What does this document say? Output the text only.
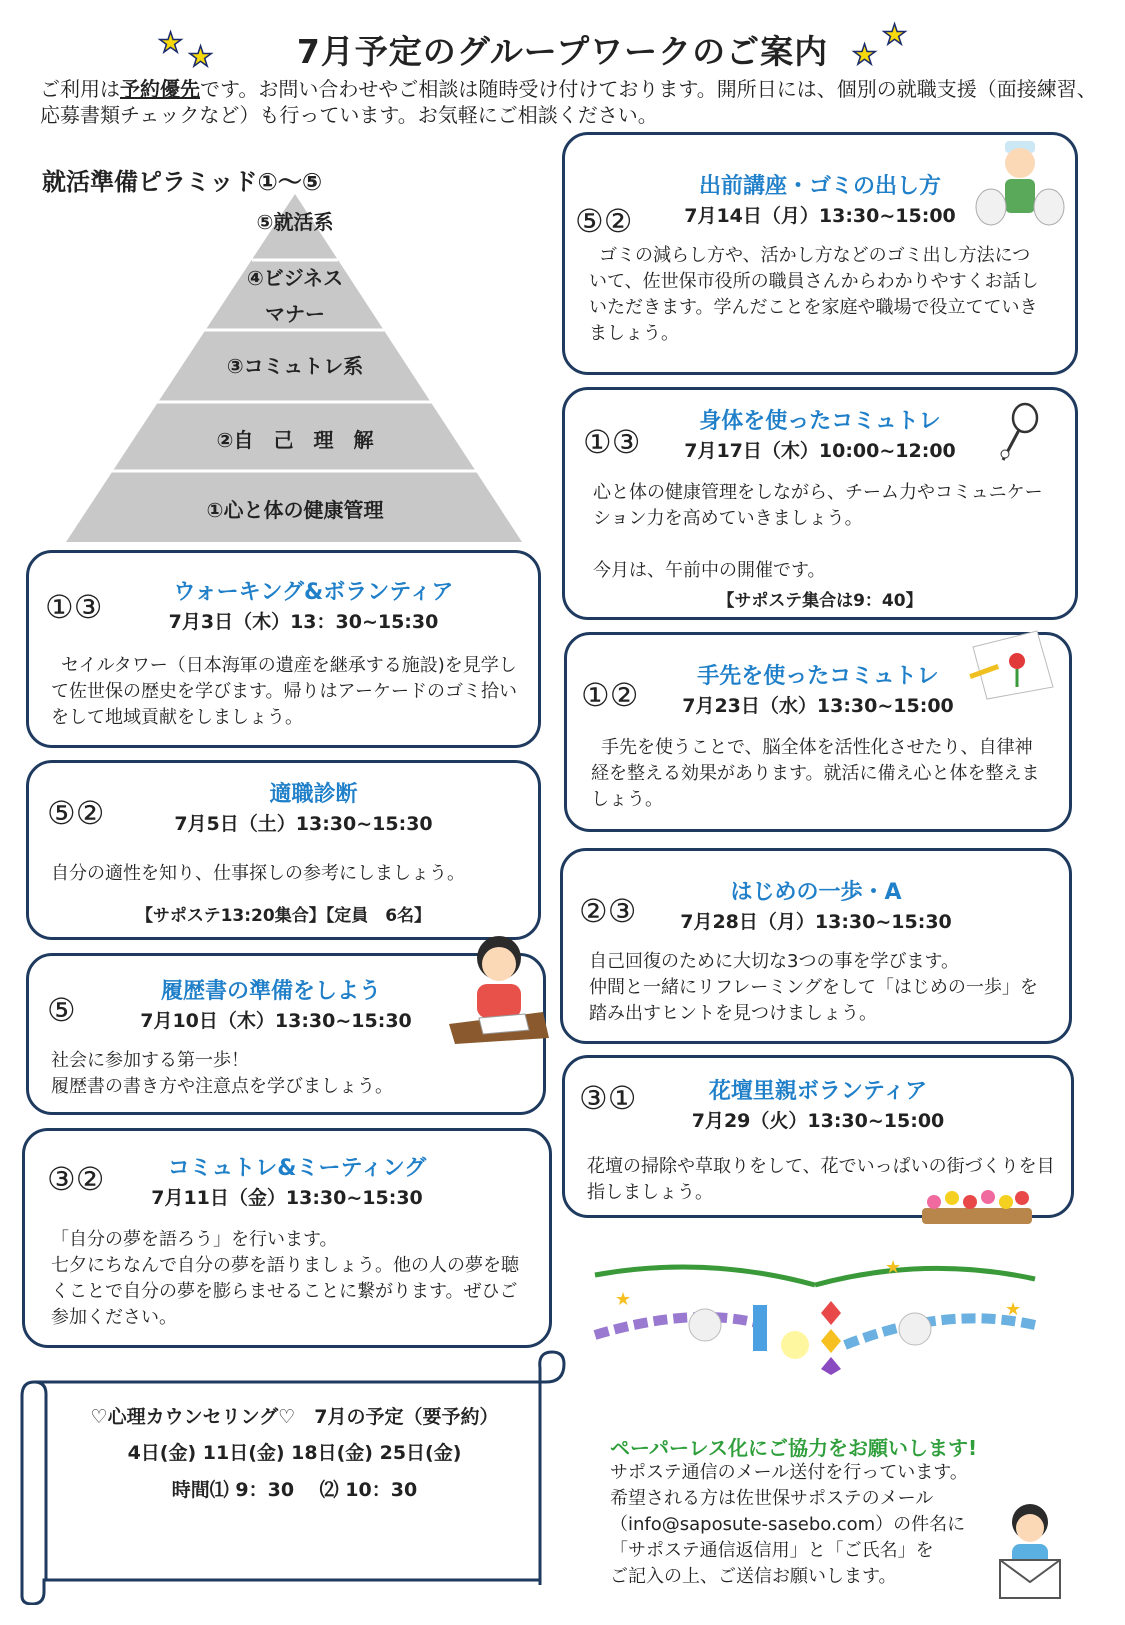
★ ★	7月予定のグループワークのご案内 ★
★
ご利用は予約優先です。お問い合わせやご相談は随時受け付けております。開所日には、個別の就職支援（面接練習、応募書類チェックなど）も行っています。お気軽にご相談ください。
就活準備ピラミッド①〜⑤
⑤就活系
④ビジネス
マナー
③コミュトレ系
②自　己　理　解
①心と体の健康管理
①③	ウォーキング&ボランティア
7月3日（木）13：30~15:30
セイルタワー（日本海軍の遺産を継承する施設)を見学して佐世保の歴史を学びます。帰りはアーケードのゴミ拾いをして地域貢献をしましょう。
⑤②	適職診断
7月5日（土）13:30~15:30
自分の適性を知り、仕事探しの参考にしましょう。
【サポステ13:20集合】【定員　6名】
⑤	履歴書の準備をしよう
7月10日（木）13:30~15:30
社会に参加する第一歩！
履歴書の書き方や注意点を学びましょう。
③②	コミュトレ&ミーティング
7月11日（金）13:30~15:30
「自分の夢を語ろう」を行います。
七夕にちなんで自分の夢を語りましょう。他の人の夢を聴くことで自分の夢を膨らませることに繋がります。ぜひご参加ください。
⑤②
出前講座・ゴミの出し方
7月14日（月）13:30~15:00
ゴミの減らし方や、活かし方などのゴミ出し方法について、佐世保市役所の職員さんからわかりやすくお話しいただきます。学んだことを家庭や職場で役立てていきましょう。
①③
身体を使ったコミュトレ
7月17日（木）10:00~12:00
心と体の健康管理をしながら、チーム力やコミュニケーション力を高めていきましょう。

今月は、午前中の開催です。
【サポステ集合は9：40】
①②	手先を使ったコミュトレ
7月23日（水）13:30~15:00
手先を使うことで、脳全体を活性化させたり、自律神経を整える効果があります。就活に備え心と体を整えましょう。
②③	はじめの一歩・A
7月28日（月）13:30~15:30
自己回復のために大切な3つの事を学びます。
仲間と一緒にリフレーミングをして「はじめの一歩」を踏み出すヒントを見つけましょう。
③①	花壇里親ボランティア
7月29（火）13:30~15:00
花壇の掃除や草取りをして、花でいっぱいの街づくりを目指しましょう。
★
★
★
♡心理カウンセリング♡　7月の予定（要予約）
4日(金) 11日(金) 18日(金) 25日(金)
時間⑴ 9：30　 ⑵ 10：30
ペーパーレス化にご協力をお願いします!
サポステ通信のメール送付を行っています。
希望される方は佐世保サポステのメール
（info@saposute-sasebo.com）の件名に
「サポステ通信返信用」と「ご氏名」を
ご記入の上、ご送信お願いします。
